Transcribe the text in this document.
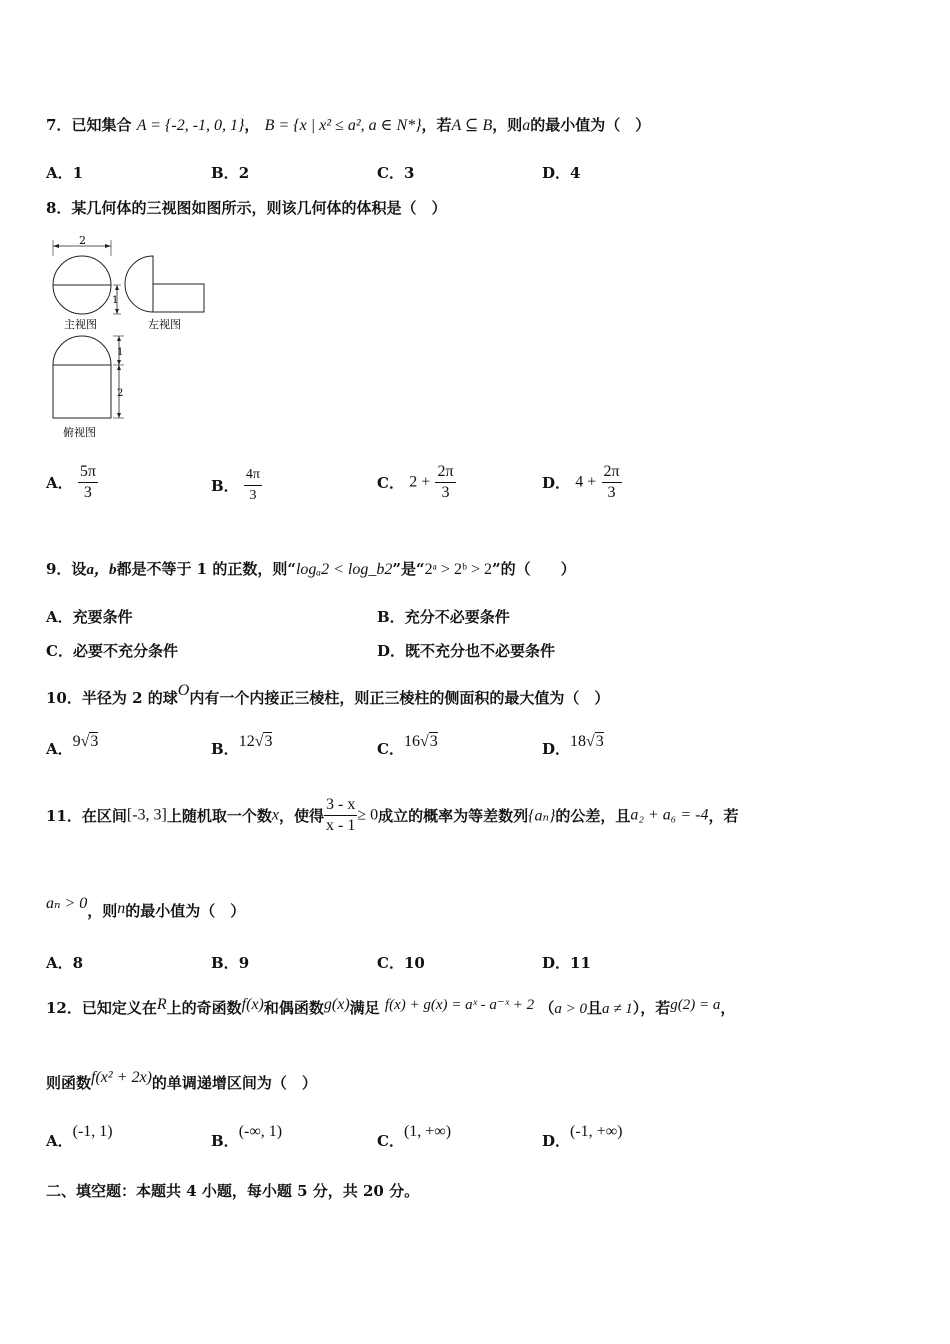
7．已知集合 A = {-2, -1, 0, 1}， B = {x | x² ≤ a², a ∈ N*}，若A ⊆ B，则a的最小值为（　）
A．1	B．2	C．3	D．4
8．某几何体的三视图如图所示，则该几何体的体积是（　）
2
1
主视图	左视图
1
2
俯视图
A． $\frac{5\pi}{3}$	B． $\frac{4\pi}{3}$	C． $2 + \frac{2\pi}{3}$	D． $4 + \frac{2\pi}{3}$
9．设a，b都是不等于 1 的正数，则“logₐ2 < log_b2”是“2ᵃ > 2ᵇ > 2”的（　　）
A．充要条件	B．充分不必要条件
C．必要不充分条件	D．既不充分也不必要条件
10．半径为 2 的球O内有一个内接正三棱柱，则正三棱柱的侧面积的最大值为（　）
A．9√3	B．12√3	C．16√3	D．18√3
11．在区间[-3, 3]上随机取一个数x，使得 $\frac{3 - x}{x - 1} \ge 0$成立的概率为等差数列{aₙ}的公差，且a₂ + a₆ = -4，若
aₙ > 0，则n的最小值为（　）
A．8	B．9	C．10	D．11
12．已知定义在R上的奇函数f(x)和偶函数g(x)满足 f(x) + g(x) = aˣ - a⁻ˣ + 2 （a > 0且a ≠ 1），若g(2) = a，
则函数f(x² + 2x)的单调递增区间为（　）
A．(-1, 1)
B．(-∞, 1)
C．(1, +∞)
D．(-1, +∞)
二、填空题：本题共 4 小题，每小题 5 分，共 20 分。
